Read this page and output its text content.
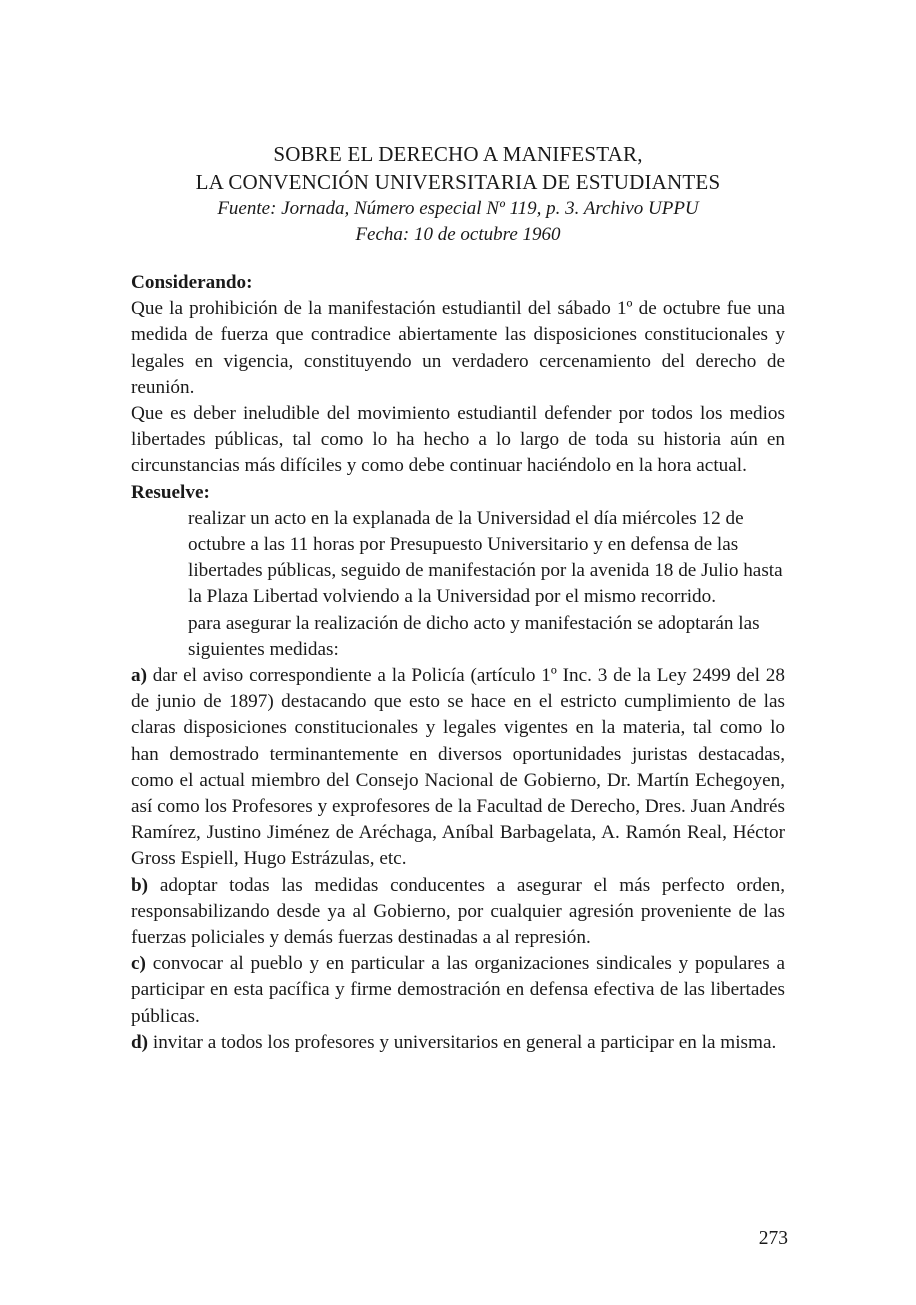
SOBRE EL DERECHO A MANIFESTAR,
LA CONVENCIÓN UNIVERSITARIA DE ESTUDIANTES
Fuente: Jornada, Número especial Nº 119, p. 3. Archivo UPPU
Fecha: 10 de octubre 1960

Considerando:

Que la prohibición de la manifestación estudiantil del sábado 1º de octubre fue una medida de fuerza que contradice abiertamente las disposiciones constitucionales y legales en vigencia, constituyendo un verdadero cercenamiento del derecho de reunión.

Que es deber ineludible del movimiento estudiantil defender por todos los medios libertades públicas, tal como lo ha hecho a lo largo de toda su historia aún en circunstancias más difíciles y como debe continuar haciéndolo en la hora actual.

Resuelve:

realizar un acto en la explanada de la Universidad el día miércoles 12 de octubre a las 11 horas por Presupuesto Universitario y en defensa de las libertades públicas, seguido de manifestación por la avenida 18 de Julio hasta la Plaza Libertad volviendo a la Universidad por el mismo recorrido.

para asegurar la realización de dicho acto y manifestación se adoptarán las siguientes medidas:

a) dar el aviso correspondiente a la Policía (artículo 1º Inc. 3 de la Ley 2499 del 28 de junio de 1897) destacando que esto se hace en el estricto cumplimiento de las claras disposiciones constitucionales y legales vigentes en la materia, tal como lo han demostrado terminantemente en diversos oportunidades juristas destacadas, como el actual miembro del Consejo Nacional de Gobierno, Dr. Martín Echegoyen, así como los Profesores y exprofesores de la Facultad de Derecho, Dres. Juan Andrés Ramírez, Justino Jiménez de Aréchaga, Aníbal Barbagelata, A. Ramón Real, Héctor Gross Espiell, Hugo Estrázulas, etc.

b) adoptar todas las medidas conducentes a asegurar el más perfecto orden, responsabilizando desde ya al Gobierno, por cualquier agresión proveniente de las fuerzas policiales y demás fuerzas destinadas a al represión.

c) convocar al pueblo y en particular a las organizaciones sindicales y populares a participar en esta pacífica y firme demostración en defensa efectiva de las libertades públicas.

d) invitar a todos los profesores y universitarios en general a participar en la misma.

273
